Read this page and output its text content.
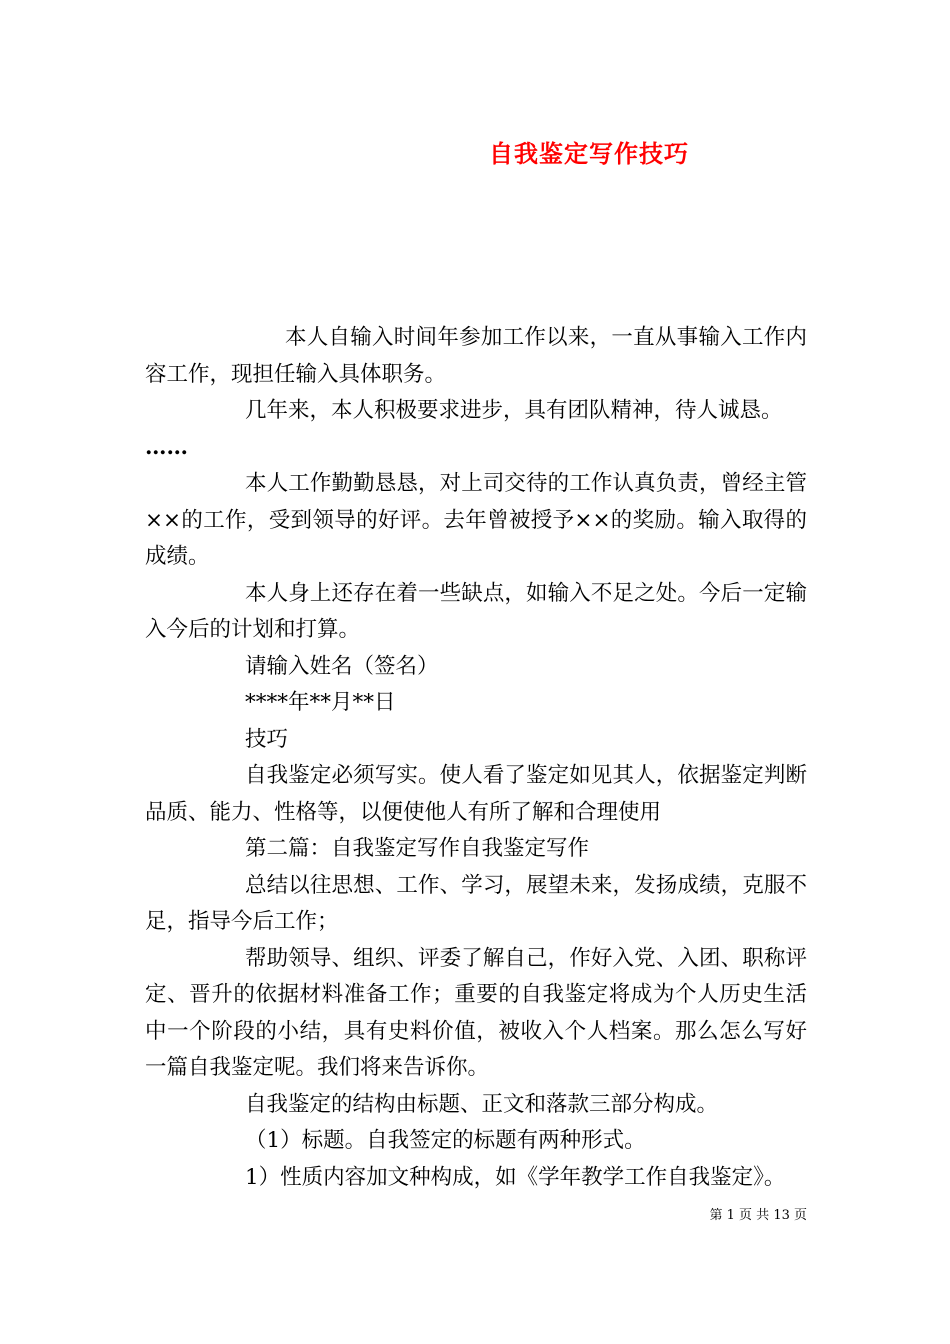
自我鉴定写作技巧

本人自输入时间年参加工作以来，一直从事输入工作内容工作，现担任输入具体职务。

几年来，本人积极要求进步，具有团队精神，待人诚恳。

……

本人工作勤勤恳恳，对上司交待的工作认真负责，曾经主管××的工作，受到领导的好评。去年曾被授予××的奖励。输入取得的成绩。

本人身上还存在着一些缺点，如输入不足之处。今后一定输入今后的计划和打算。

请输入姓名（签名）

****年**月**日

技巧

自我鉴定必须写实。使人看了鉴定如见其人，依据鉴定判断品质、能力、性格等，以便使他人有所了解和合理使用

第二篇：自我鉴定写作自我鉴定写作

总结以往思想、工作、学习，展望未来，发扬成绩，克服不足，指导今后工作；

帮助领导、组织、评委了解自己，作好入党、入团、职称评定、晋升的依据材料准备工作；重要的自我鉴定将成为个人历史生活中一个阶段的小结，具有史料价值，被收入个人档案。那么怎么写好一篇自我鉴定呢。我们将来告诉你。

自我鉴定的结构由标题、正文和落款三部分构成。

（1）标题。自我签定的标题有两种形式。

1）性质内容加文种构成，如《学年教学工作自我鉴定》。

第 1 页 共 13 页
